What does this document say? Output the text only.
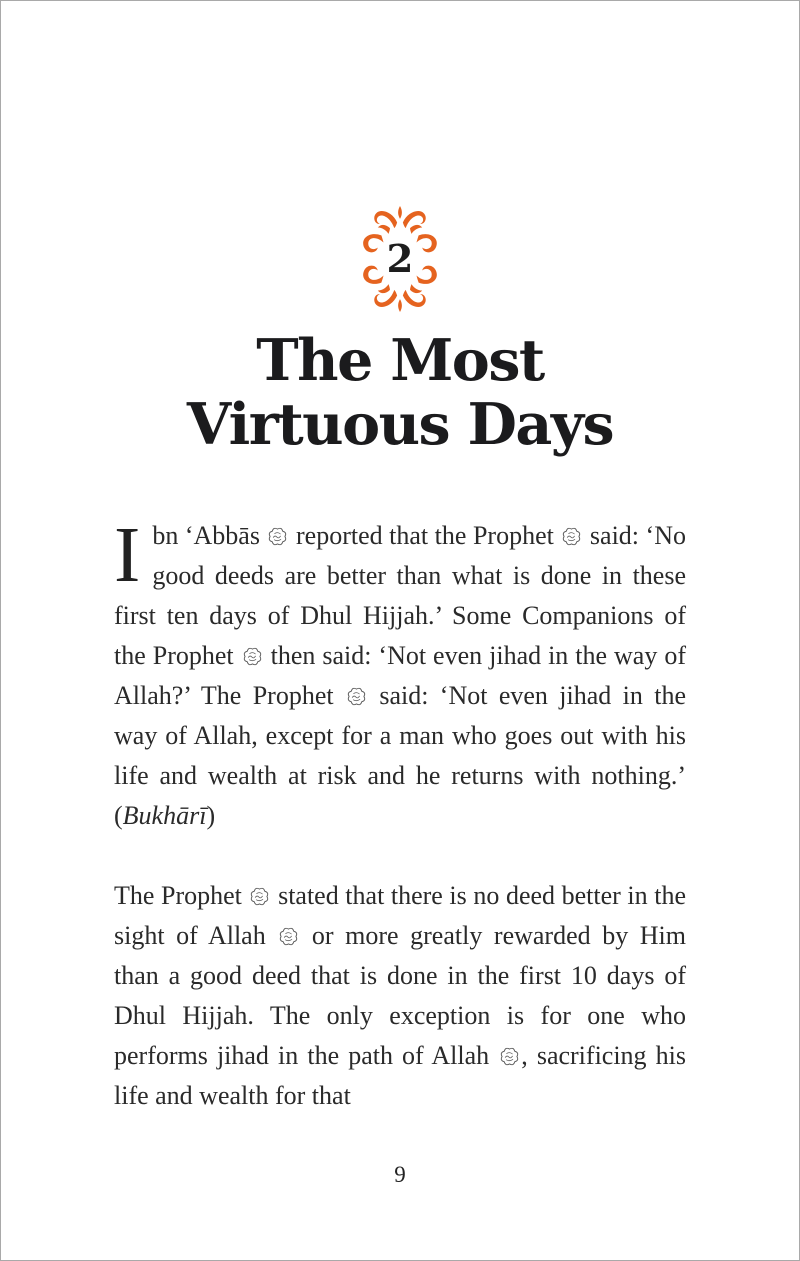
2
The Most
Virtuous Days

Ibn ‘Abbās
reported that the Prophet
said: ‘No good deeds are better than what is done in these first ten days of Dhul Hijjah.’ Some Companions of the Prophet
then said: ‘Not even jihad in the way of Allah?’ The Prophet
said: ‘Not even jihad in the way of Allah, except for a man who goes out with his life and wealth at risk and he returns with nothing.’ (Bukhārī)

The Prophet
stated that there is no deed better in the sight of Allah
or more greatly rewarded by Him than a good deed that is done in the first 10 days of Dhul Hijjah. The only exception is for one who performs jihad in the path of Allah
, sacrificing his life and wealth for that

9
